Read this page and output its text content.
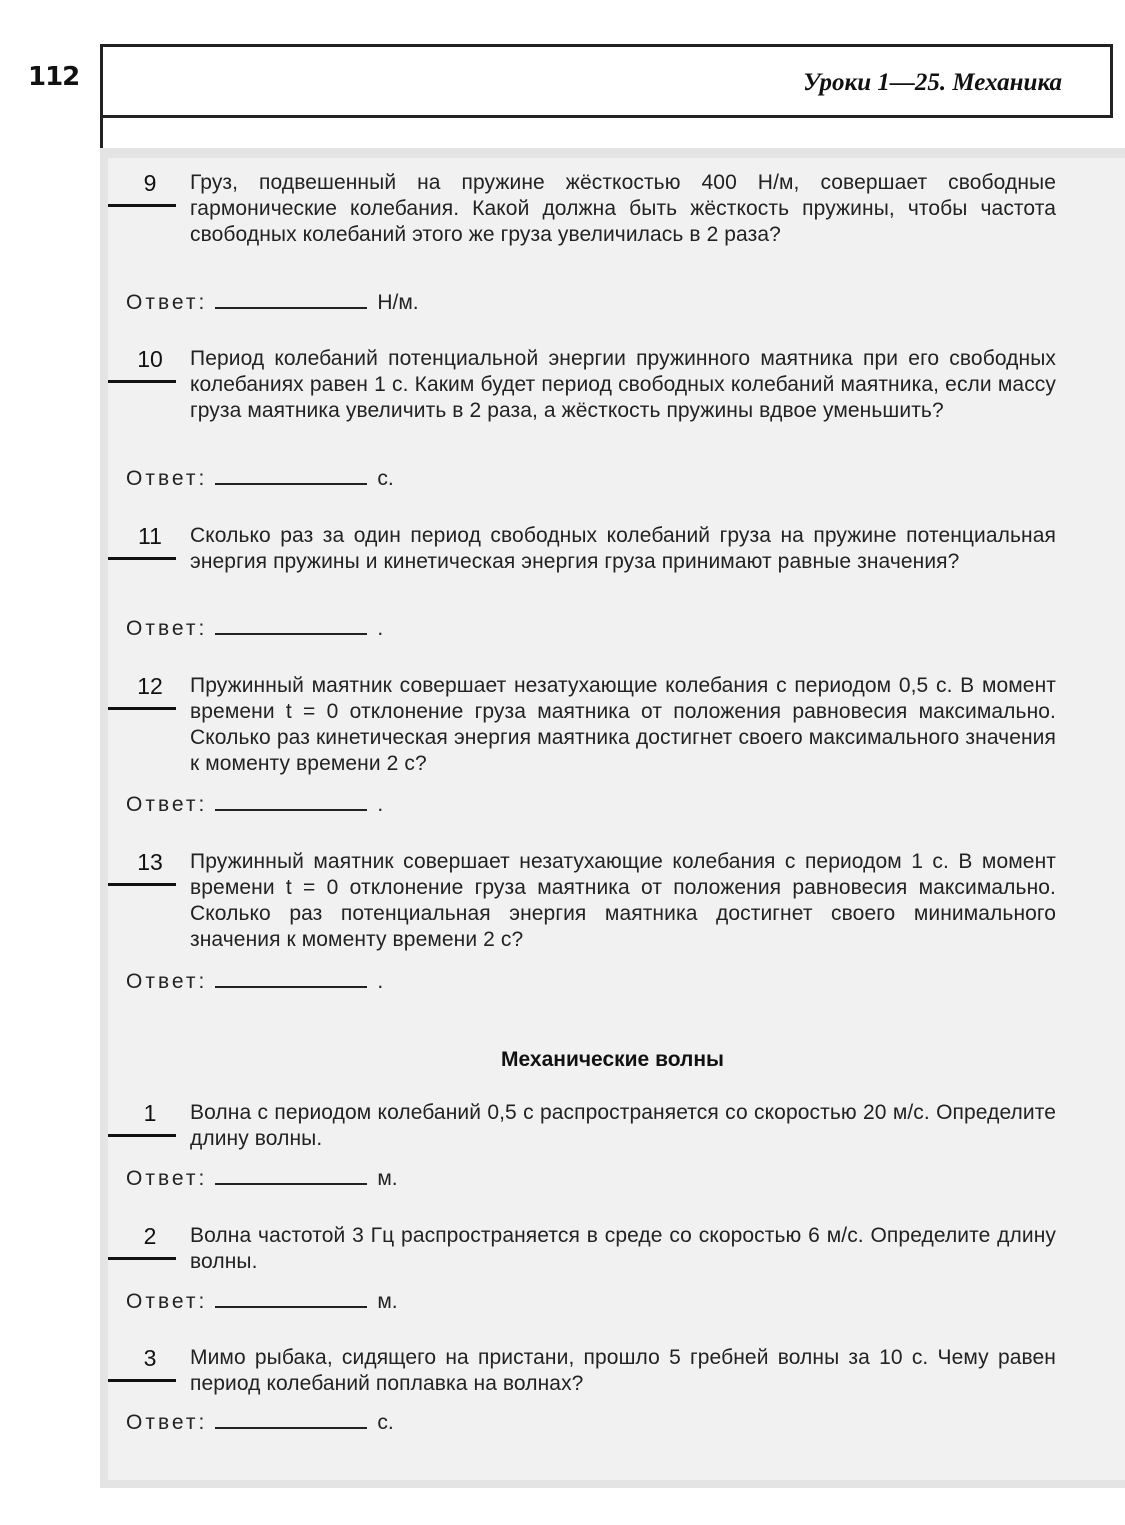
112	Уроки 1—25. Механика
9	Груз, подвешенный на пружине жёсткостью 400 Н/м, совершает свободные гармонические колебания. Какой должна быть жёсткость пружины, чтобы частота свободных колебаний этого же груза увеличилась в 2 раза?
Ответ:	Н/м.
10	Период колебаний потенциальной энергии пружинного маятника при его свободных колебаниях равен 1 с. Каким будет период свободных колебаний маятника, если массу груза маятника увеличить в 2 раза, а жёсткость пружины вдвое уменьшить?
Ответ:	с.
11	Сколько раз за один период свободных колебаний груза на пружине потенциальная энергия пружины и кинетическая энергия груза принимают равные значения?
Ответ:	.
12	Пружинный маятник совершает незатухающие колебания с периодом 0,5 с. В момент времени t = 0 отклонение груза маятника от положения равновесия максимально. Сколько раз кинетическая энергия маятника достигнет своего максимального значения к моменту времени 2 с?
Ответ:	.
13	Пружинный маятник совершает незатухающие колебания с периодом 1 с. В момент времени t = 0 отклонение груза маятника от положения равновесия максимально. Сколько раз потенциальная энергия маятника достигнет своего минимального значения к моменту времени 2 с?
Ответ:	.
Механические волны
1	Волна с периодом колебаний 0,5 с распространяется со скоростью 20 м/с. Определите длину волны.
Ответ:	м.
2	Волна частотой 3 Гц распространяется в среде со скоростью 6 м/с. Определите длину волны.
Ответ:	м.
3	Мимо рыбака, сидящего на пристани, прошло 5 гребней волны за 10 с. Чему равен период колебаний поплавка на волнах?
Ответ:	с.
